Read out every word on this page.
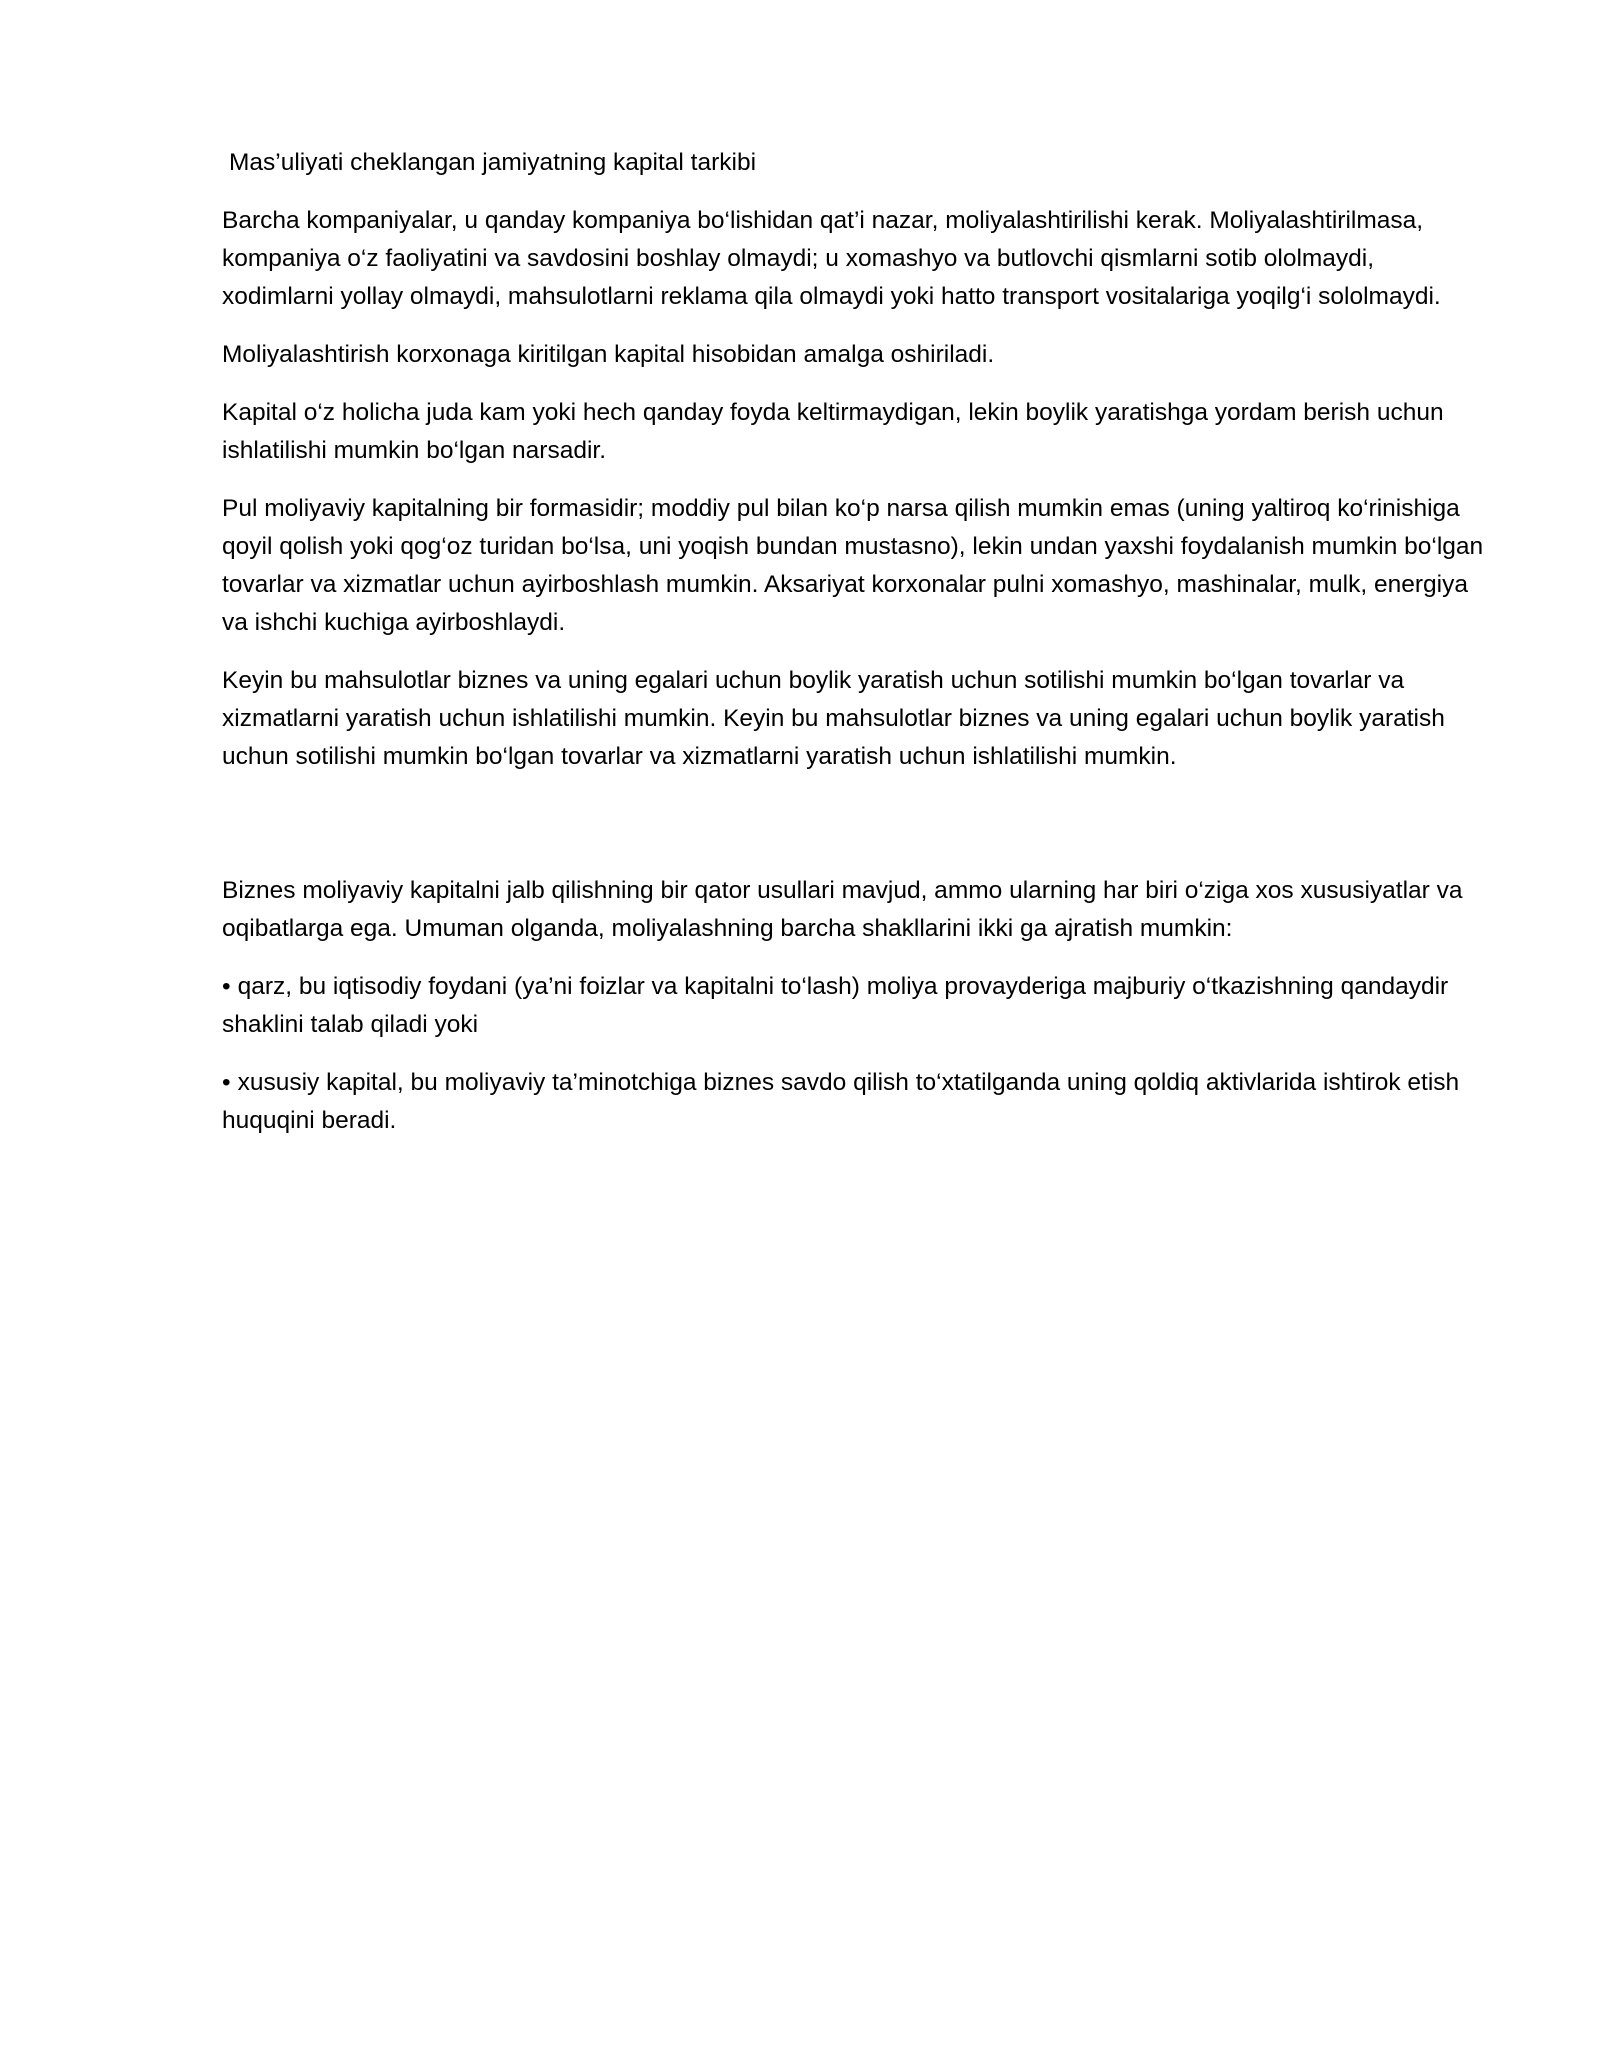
Mas’uliyati cheklangan jamiyatning kapital tarkibi

Barcha kompaniyalar, u qanday kompaniya bo‘lishidan qat’i nazar, moliyalashtirilishi kerak. Moliyalashtirilmasa, kompaniya o‘z faoliyatini va savdosini boshlay olmaydi; u xomashyo va butlovchi qismlarni sotib ololmaydi, xodimlarni yollay olmaydi, mahsulotlarni reklama qila olmaydi yoki hatto transport vositalariga yoqilg‘i sololmaydi.

Moliyalashtirish korxonaga kiritilgan kapital hisobidan amalga oshiriladi.

Kapital o‘z holicha juda kam yoki hech qanday foyda keltirmaydigan, lekin boylik yaratishga yordam berish uchun ishlatilishi mumkin bo‘lgan narsadir.

Pul moliyaviy kapitalning bir formasidir; moddiy pul bilan ko‘p narsa qilish mumkin emas (uning yaltiroq ko‘rinishiga qoyil qolish yoki qog‘oz turidan bo‘lsa, uni yoqish bundan mustasno), lekin undan yaxshi foydalanish mumkin bo‘lgan tovarlar va xizmatlar uchun ayirboshlash mumkin. Aksariyat korxonalar pulni xomashyo, mashinalar, mulk, energiya va ishchi kuchiga ayirboshlaydi.

Keyin bu mahsulotlar biznes va uning egalari uchun boylik yaratish uchun sotilishi mumkin bo‘lgan tovarlar va xizmatlarni yaratish uchun ishlatilishi mumkin. Keyin bu mahsulotlar biznes va uning egalari uchun boylik yaratish uchun sotilishi mumkin bo‘lgan tovarlar va xizmatlarni yaratish uchun ishlatilishi mumkin.

Biznes moliyaviy kapitalni jalb qilishning bir qator usullari mavjud, ammo ularning har biri o‘ziga xos xususiyatlar va oqibatlarga ega. Umuman olganda, moliyalashning barcha shakllarini ikki ga ajratish mumkin:

• qarz, bu iqtisodiy foydani (ya’ni foizlar va kapitalni to‘lash) moliya provayderiga majburiy o‘tkazishning qandaydir shaklini talab qiladi yoki

• xususiy kapital, bu moliyaviy ta’minotchiga biznes savdo qilish to‘xtatilganda uning qoldiq aktivlarida ishtirok etish huquqini beradi.
